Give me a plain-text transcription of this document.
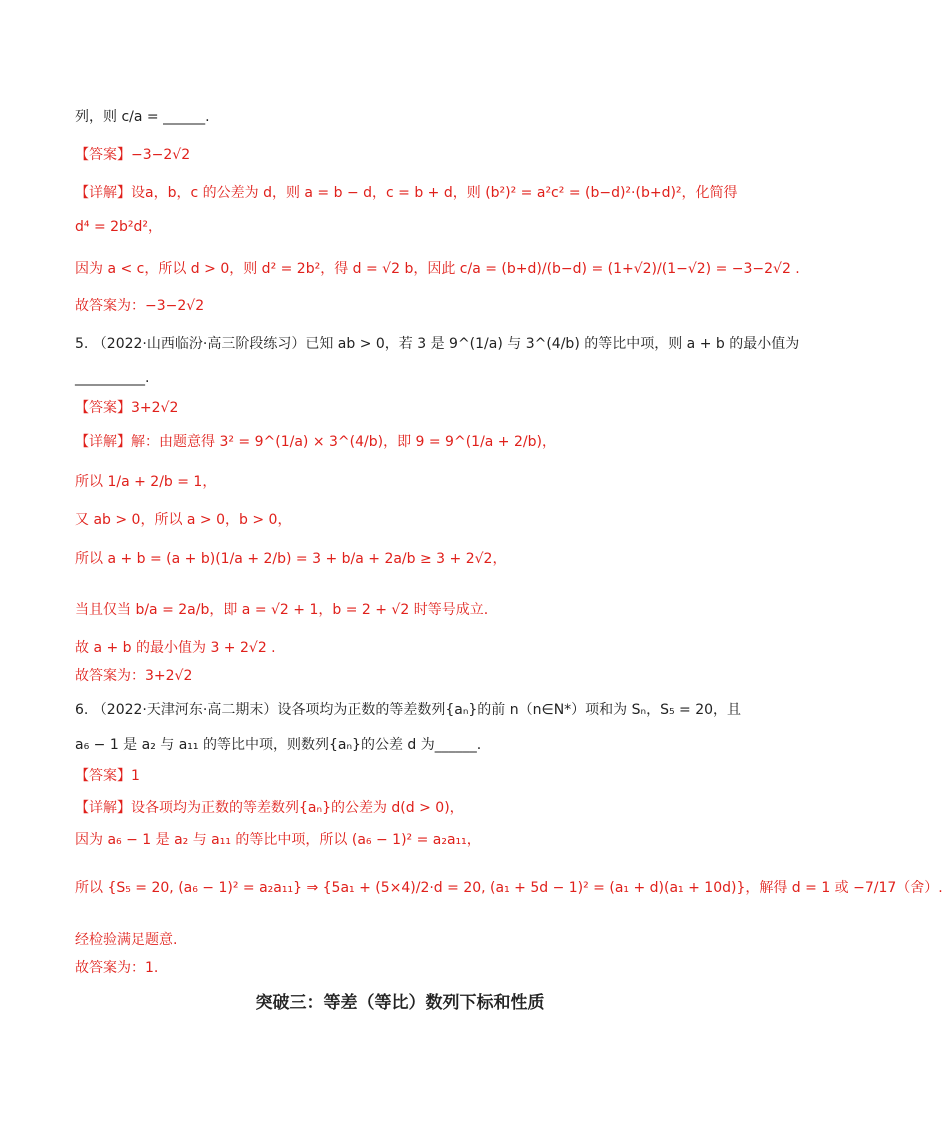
列，则 c/a = ______.
【答案】−3−2√2
【详解】设a，b，c 的公差为 d，则 a = b − d，c = b + d，则 (b²)² = a²c² = (b−d)²·(b+d)²，化简得
d⁴ = 2b²d²，
因为 a < c，所以 d > 0，则 d² = 2b²，得 d = √2 b，因此 c/a = (b+d)/(b−d) = (1+√2)/(1−√2) = −3−2√2 .
故答案为：−3−2√2
5. （2022·山西临汾·高三阶段练习）已知 ab > 0，若 3 是 9^(1/a) 与 3^(4/b) 的等比中项，则 a + b 的最小值为
__________.
【答案】3+2√2
【详解】解：由题意得 3² = 9^(1/a) × 3^(4/b)，即 9 = 9^(1/a + 2/b)，
所以 1/a + 2/b = 1，
又 ab > 0，所以 a > 0，b > 0，
所以 a + b = (a + b)(1/a + 2/b) = 3 + b/a + 2a/b ≥ 3 + 2√2，
当且仅当 b/a = 2a/b，即 a = √2 + 1，b = 2 + √2 时等号成立.
故 a + b 的最小值为 3 + 2√2 .
故答案为：3+2√2
6. （2022·天津河东·高二期末）设各项均为正数的等差数列{aₙ}的前 n（n∈N*）项和为 Sₙ，S₅ = 20，且
a₆ − 1 是 a₂ 与 a₁₁ 的等比中项，则数列{aₙ}的公差 d 为______.
【答案】1
【详解】设各项均为正数的等差数列{aₙ}的公差为 d(d > 0)，
因为 a₆ − 1 是 a₂ 与 a₁₁ 的等比中项，所以 (a₆ − 1)² = a₂a₁₁，
所以 {S₅ = 20, (a₆ − 1)² = a₂a₁₁} ⇒ {5a₁ + (5×4)/2·d = 20, (a₁ + 5d − 1)² = (a₁ + d)(a₁ + 10d)}，解得 d = 1 或 −7/17（舍）.
经检验满足题意.
故答案为：1.
突破三：等差（等比）数列下标和性质
